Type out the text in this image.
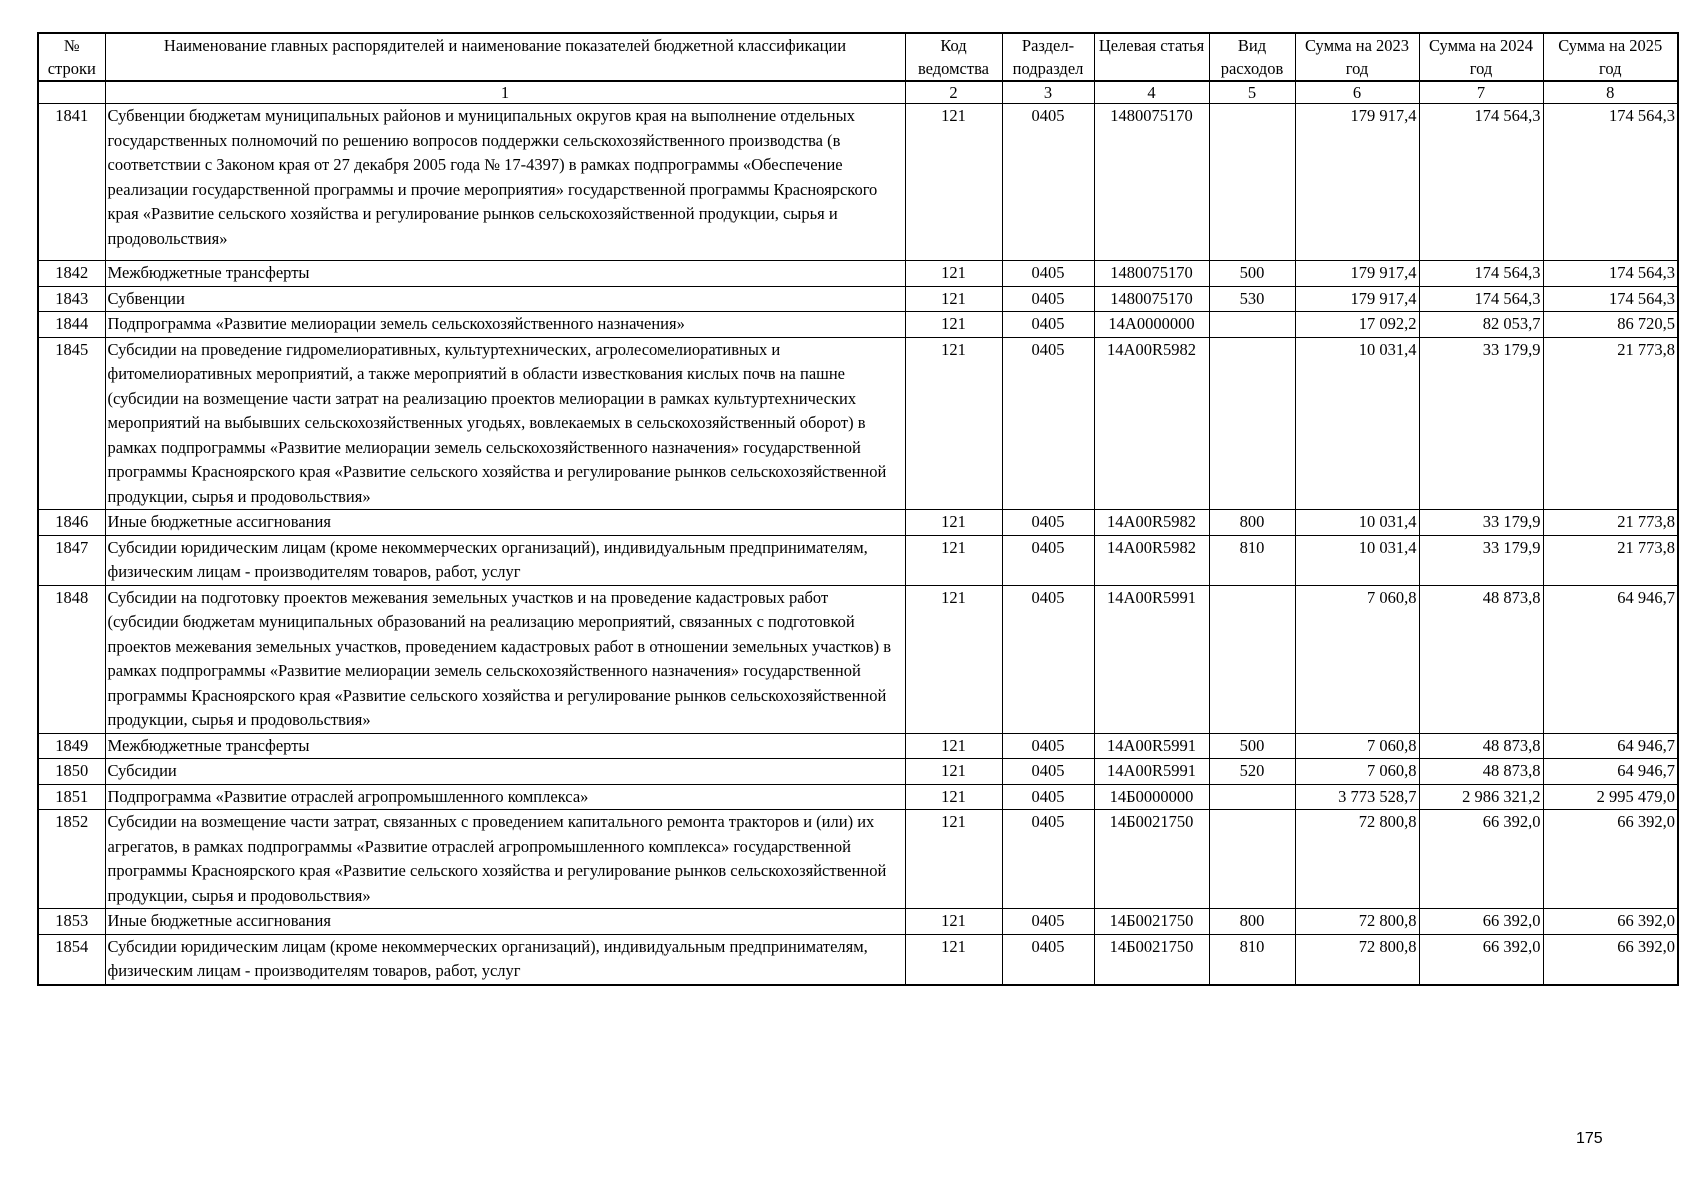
№ строки	Наименование главных распорядителей и наименование показателей бюджетной классификации	Код ведомства	Раздел-подраздел	Целевая статья	Вид расходов	Сумма на 2023 год	Сумма на 2024 год	Сумма на 2025 год
	1	2	3	4	5	6	7	8
1841	Субвенции бюджетам муниципальных районов и муниципальных округов края на выполнение отдельных государственных полномочий по решению вопросов поддержки сельскохозяйственного производства (в соответствии с Законом края от 27 декабря 2005 года № 17-4397) в рамках подпрограммы «Обеспечение реализации государственной программы и прочие мероприятия» государственной программы Красноярского края «Развитие сельского хозяйства и регулирование рынков сельскохозяйственной продукции, сырья и продовольствия»	121	0405	1480075170		179 917,4	174 564,3	174 564,3
1842	Межбюджетные трансферты	121	0405	1480075170	500	179 917,4	174 564,3	174 564,3
1843	Субвенции	121	0405	1480075170	530	179 917,4	174 564,3	174 564,3
1844	Подпрограмма «Развитие мелиорации земель сельскохозяйственного назначения»	121	0405	14А0000000		17 092,2	82 053,7	86 720,5
1845	Субсидии на проведение гидромелиоративных, культуртехнических, агролесомелиоративных и фитомелиоративных мероприятий, а также мероприятий в области известкования кислых почв на пашне (субсидии на возмещение части затрат на реализацию проектов мелиорации в рамках культуртехнических мероприятий на выбывших сельскохозяйственных угодьях, вовлекаемых в сельскохозяйственный оборот) в рамках подпрограммы «Развитие мелиорации земель сельскохозяйственного назначения» государственной программы Красноярского края «Развитие сельского хозяйства и регулирование рынков сельскохозяйственной продукции, сырья и продовольствия»	121	0405	14А00R5982		10 031,4	33 179,9	21 773,8
1846	Иные бюджетные ассигнования	121	0405	14А00R5982	800	10 031,4	33 179,9	21 773,8
1847	Субсидии юридическим лицам (кроме некоммерческих организаций), индивидуальным предпринимателям, физическим лицам - производителям товаров, работ, услуг	121	0405	14А00R5982	810	10 031,4	33 179,9	21 773,8
1848	Субсидии на подготовку проектов межевания земельных участков и на проведение кадастровых работ (субсидии бюджетам муниципальных образований на реализацию мероприятий, связанных с подготовкой проектов межевания земельных участков, проведением кадастровых работ в отношении земельных участков) в рамках подпрограммы «Развитие мелиорации земель сельскохозяйственного назначения» государственной программы Красноярского края «Развитие сельского хозяйства и регулирование рынков сельскохозяйственной продукции, сырья и продовольствия»	121	0405	14А00R5991		7 060,8	48 873,8	64 946,7
1849	Межбюджетные трансферты	121	0405	14А00R5991	500	7 060,8	48 873,8	64 946,7
1850	Субсидии	121	0405	14А00R5991	520	7 060,8	48 873,8	64 946,7
1851	Подпрограмма «Развитие отраслей агропромышленного комплекса»	121	0405	14Б0000000		3 773 528,7	2 986 321,2	2 995 479,0
1852	Субсидии на возмещение части затрат, связанных с проведением капитального ремонта тракторов и (или) их агрегатов, в рамках подпрограммы «Развитие отраслей агропромышленного комплекса» государственной программы Красноярского края «Развитие сельского хозяйства и регулирование рынков сельскохозяйственной продукции, сырья и продовольствия»	121	0405	14Б0021750		72 800,8	66 392,0	66 392,0
1853	Иные бюджетные ассигнования	121	0405	14Б0021750	800	72 800,8	66 392,0	66 392,0
1854	Субсидии юридическим лицам (кроме некоммерческих организаций), индивидуальным предпринимателям, физическим лицам - производителям товаров, работ, услуг	121	0405	14Б0021750	810	72 800,8	66 392,0	66 392,0
175
